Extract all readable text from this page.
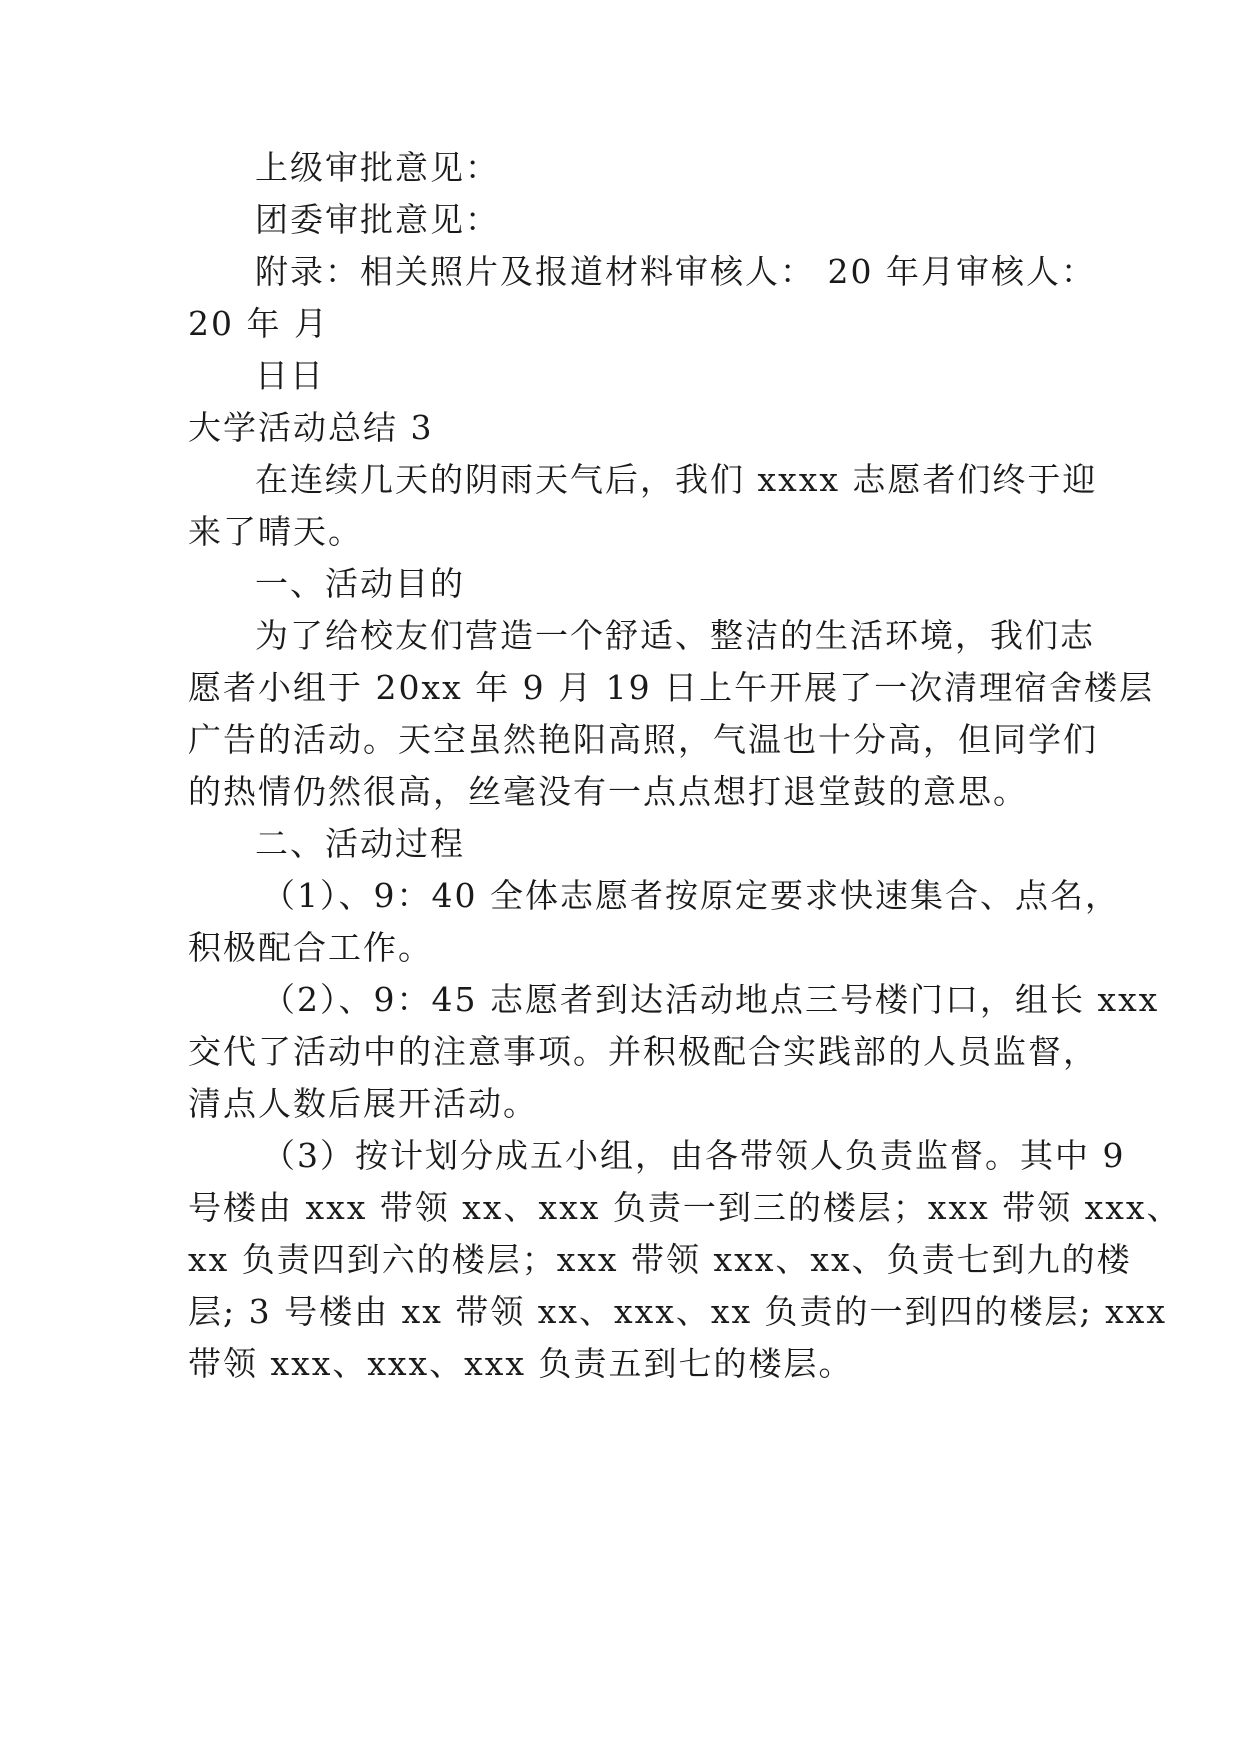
上级审批意见：
团委审批意见：
附录：相关照片及报道材料审核人： 20 年月审核人：
20 年 月
日日
大学活动总结 3
在连续几天的阴雨天气后，我们 xxxx 志愿者们终于迎
来了晴天。
一、活动目的
为了给校友们营造一个舒适、整洁的生活环境，我们志
愿者小组于 20xx 年 9 月 19 日上午开展了一次清理宿舍楼层
广告的活动。天空虽然艳阳高照，气温也十分高，但同学们
的热情仍然很高，丝毫没有一点点想打退堂鼓的意思。
二、活动过程
（1）、9：40 全体志愿者按原定要求快速集合、点名，
积极配合工作。
（2）、9：45 志愿者到达活动地点三号楼门口，组长 xxx
交代了活动中的注意事项。并积极配合实践部的人员监督，
清点人数后展开活动。
（3）按计划分成五小组，由各带领人负责监督。其中 9
号楼由 xxx 带领 xx、xxx 负责一到三的楼层；xxx 带领 xxx、
xx 负责四到六的楼层；xxx 带领 xxx、xx、负责七到九的楼
层; 3 号楼由 xx 带领 xx、xxx、xx 负责的一到四的楼层; xxx
带领 xxx、xxx、xxx 负责五到七的楼层。
